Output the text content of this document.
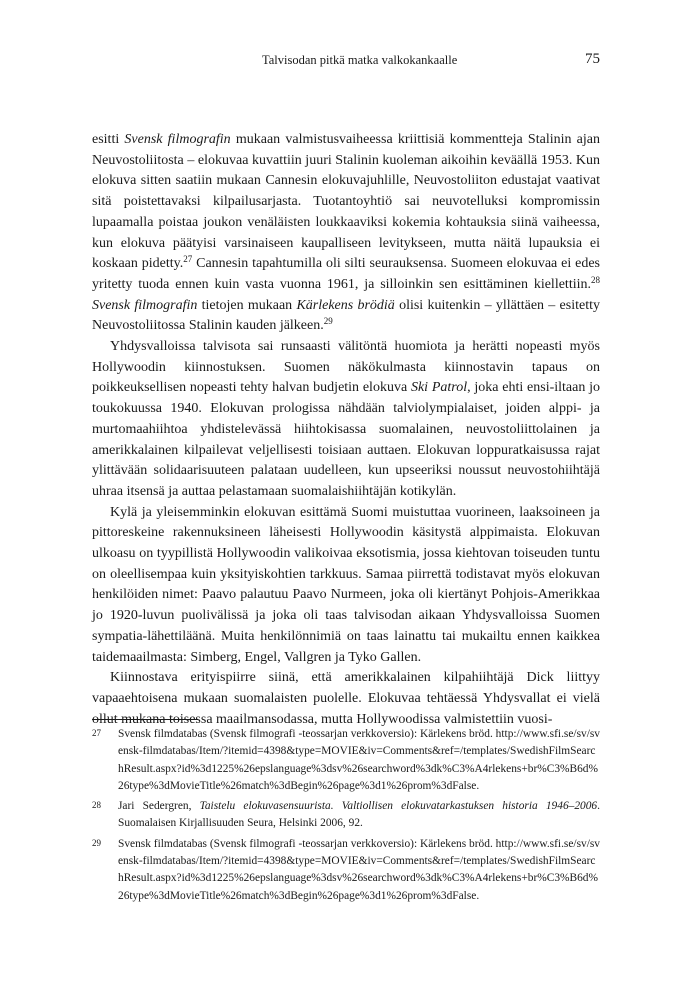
Talvisodan pitkä matka valkokankaalle	75

esitti Svensk filmografin mukaan valmistusvaiheessa kriittisiä kommentteja Stalinin ajan Neuvostoliitosta – elokuvaa kuvattiin juuri Stalinin kuoleman aikoihin keväällä 1953. Kun elokuva sitten saatiin mukaan Cannesin elokuvajuhlille, Neuvostoliiton edustajat vaativat sitä poistettavaksi kilpailusarjasta. Tuotantoyhtiö sai neuvotelluksi kompromissin lupaamalla poistaa joukon venäläisten loukkaaviksi kokemia kohtauksia siinä vaiheessa, kun elokuva päätyisi varsinaiseen kaupalliseen levitykseen, mutta näitä lupauksia ei koskaan pidetty.$^{27}$ Cannesin tapahtumilla oli silti seurauksensa. Suomeen elokuvaa ei edes yritetty tuoda ennen kuin vasta vuonna 1961, ja silloinkin sen esittäminen kiellettiin.$^{28}$ Svensk filmografin tietojen mukaan Kärlekens brödiä olisi kuitenkin – yllättäen – esitetty Neuvostoliitossa Stalinin kauden jälkeen.$^{29}$

Yhdysvalloissa talvisota sai runsaasti välitöntä huomiota ja herätti nopeasti myös Hollywoodin kiinnostuksen. Suomen näkökulmasta kiinnostavin tapaus on poikkeuksellisen nopeasti tehty halvan budjetin elokuva Ski Patrol, joka ehti ensi-iltaan jo toukokuussa 1940. Elokuvan prologissa nähdään talviolympialaiset, joiden alppi- ja murtomaahiihtoa yhdistelevässä hiihtokisassa suomalainen, neuvostoliittolainen ja amerikkalainen kilpailevat veljellisesti toisiaan auttaen. Elokuvan loppuratkaisussa rajat ylittävään solidaarisuuteen palataan uudelleen, kun upseeriksi noussut neuvostohiihtäjä uhraa itsensä ja auttaa pelastamaan suomalaishiihtäjän kotikylän.

Kylä ja yleisemminkin elokuvan esittämä Suomi muistuttaa vuorineen, laaksoineen ja pittoreskeine rakennuksineen läheisesti Hollywoodin käsitystä alppimaista. Elokuvan ulkoasu on tyypillistä Hollywoodin valikoivaa eksotismia, jossa kiehtovan toiseuden tuntu on oleellisempaa kuin yksityiskohtien tarkkuus. Samaa piirrettä todistavat myös elokuvan henkilöiden nimet: Paavo palautuu Paavo Nurmeen, joka oli kiertänyt Pohjois-Amerikkaa jo 1920-luvun puolivälissä ja joka oli taas talvisodan aikaan Yhdysvalloissa Suomen sympatia-lähettiläänä. Muita henkilönnimiä on taas lainattu tai mukailtu ennen kaikkea taidemaailmasta: Simberg, Engel, Vallgren ja Tyko Gallen.

Kiinnostava erityispiirre siinä, että amerikkalainen kilpahiihtäjä Dick liittyy vapaaehtoisena mukaan suomalaisten puolelle. Elokuvaa tehtäessä Yhdysvallat ei vielä ollut mukana toisessa maailmansodassa, mutta Hollywoodissa valmistettiin vuosi-

27 Svensk filmdatabas (Svensk filmografi -teossarjan verkkoversio): Kärlekens bröd. http://www.sfi.se/sv/svensk-filmdatabas/Item/?itemid=4398&type=MOVIE&iv=Comments&ref=/templates/SwedishFilmSearchResult.aspx?id%3d1225%26epslanguage%3dsv%26searchword%3dk%C3%A4rlekens+br%C3%B6d%26type%3dMovieTitle%26match%3dBegin%26page%3d1%26prom%3dFalse.
28 Jari Sedergren, Taistelu elokuvasensuurista. Valtiollisen elokuvatarkastuksen historia 1946–2006. Suomalaisen Kirjallisuuden Seura, Helsinki 2006, 92.
29 Svensk filmdatabas (Svensk filmografi -teossarjan verkkoversio): Kärlekens bröd. http://www.sfi.se/sv/svensk-filmdatabas/Item/?itemid=4398&type=MOVIE&iv=Comments&ref=/templates/SwedishFilmSearchResult.aspx?id%3d1225%26epslanguage%3dsv%26searchword%3dk%C3%A4rlekens+br%C3%B6d%26type%3dMovieTitle%26match%3dBegin%26page%3d1%26prom%3dFalse.
